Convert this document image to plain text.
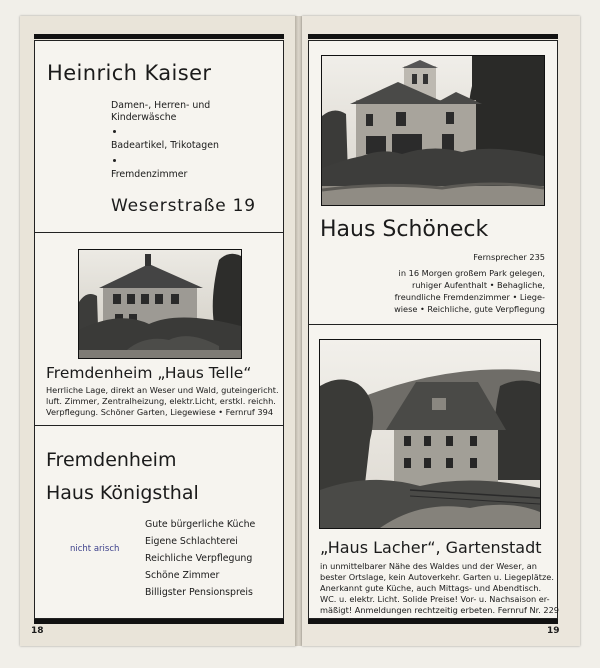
Heinrich Kaiser
Damen-, Herren- und
Kinderwäsche
Badeartikel, Trikotagen
Fremdenzimmer
Weserstraße 19
Fremdenheim „Haus Telle“
Herrliche Lage, direkt an Weser und Wald, guteingericht.
luft. Zimmer, Zentralheizung, elektr.Licht, erstkl. reichh.
Verpflegung. Schöner Garten, Liegewiese • Fernruf 394
Fremdenheim
Haus Königsthal
nicht arisch
Gute bürgerliche Küche
Eigene Schlachterei
Reichliche Verpflegung
Schöne Zimmer
Billigster Pensionspreis
18
Haus Schöneck
Fernsprecher 235
in 16 Morgen großem Park gelegen,
ruhiger Aufenthalt • Behagliche,
freundliche Fremdenzimmer • Liege-
wiese • Reichliche, gute Verpflegung
„Haus Lacher“, Gartenstadt
in unmittelbarer Nähe des Waldes und der Weser, an
bester Ortslage, kein Autoverkehr. Garten u. Liegeplätze.
Anerkannt gute Küche, auch Mittags- und Abendtisch.
WC. u. elektr. Licht. Solide Preise! Vor- u. Nachsaison er-
mäßigt! Anmeldungen rechtzeitig erbeten. Fernruf Nr. 229
19
